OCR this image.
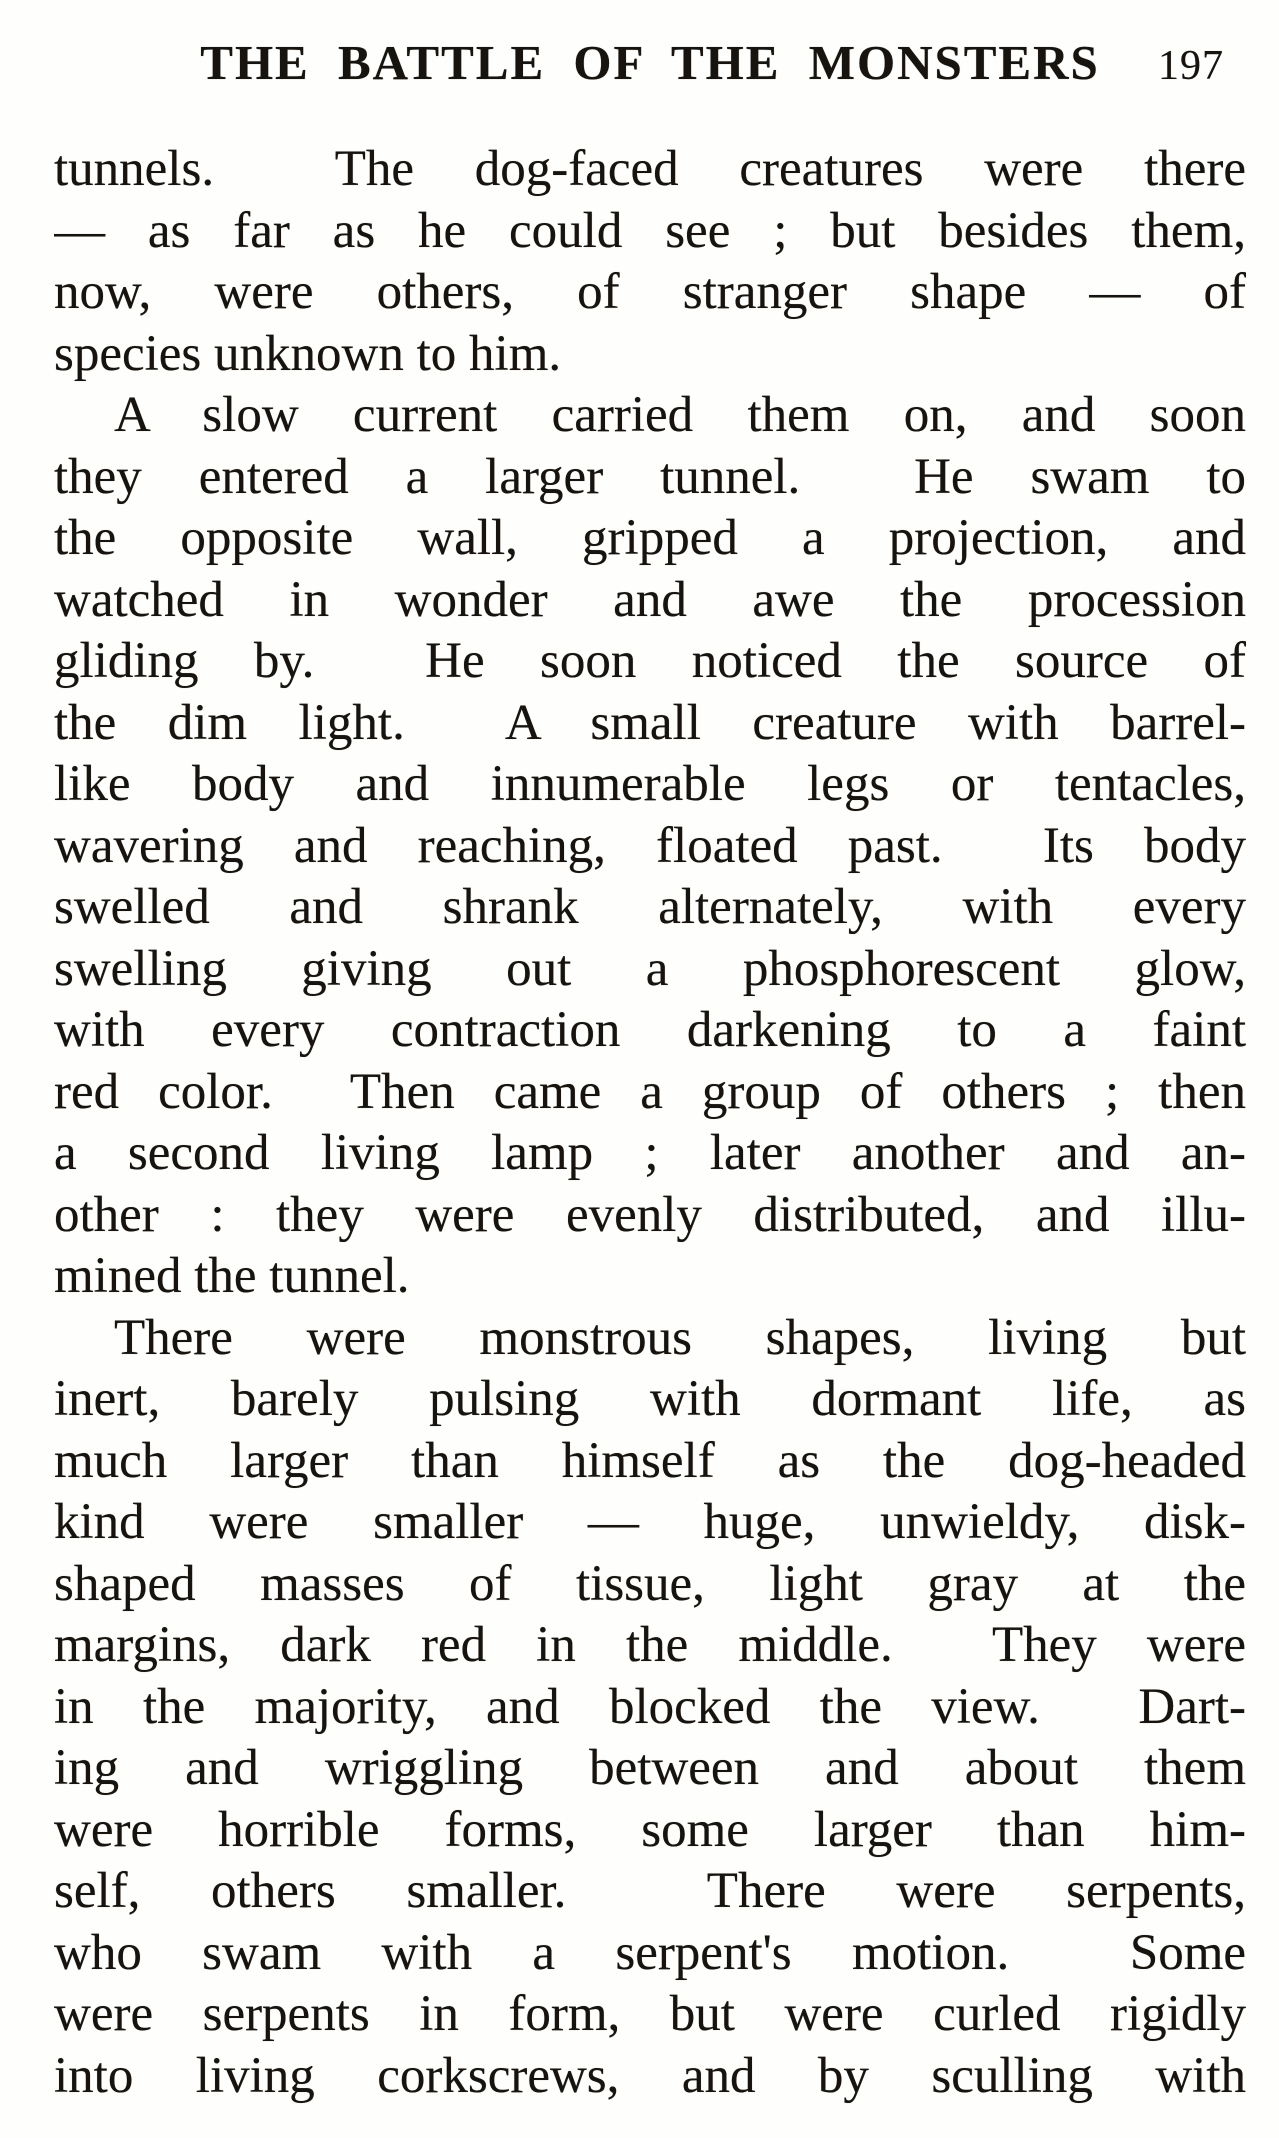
THE BATTLE OF THE MONSTERS 197
tunnels.  The dog-faced creatures were there
— as far as he could see ; but besides them,
now, were others, of stranger shape — of
species unknown to him.
A slow current carried them on, and soon
they entered a larger tunnel.  He swam to
the opposite wall, gripped a projection, and
watched in wonder and awe the procession
gliding by.  He soon noticed the source of
the dim light.  A small creature with barrel-
like body and innumerable legs or tentacles,
wavering and reaching, floated past.  Its body
swelled and shrank alternately, with every
swelling giving out a phosphorescent glow,
with every contraction darkening to a faint
red color.  Then came a group of others ; then
a second living lamp ; later another and an-
other : they were evenly distributed, and illu-
mined the tunnel.
There were monstrous shapes, living but
inert, barely pulsing with dormant life, as
much larger than himself as the dog-headed
kind were smaller — huge, unwieldy, disk-
shaped masses of tissue, light gray at the
margins, dark red in the middle.  They were
in the majority, and blocked the view.  Dart-
ing and wriggling between and about them
were horrible forms, some larger than him-
self, others smaller.  There were serpents,
who swam with a serpent's motion.  Some
were serpents in form, but were curled rigidly
into living corkscrews, and by sculling with
